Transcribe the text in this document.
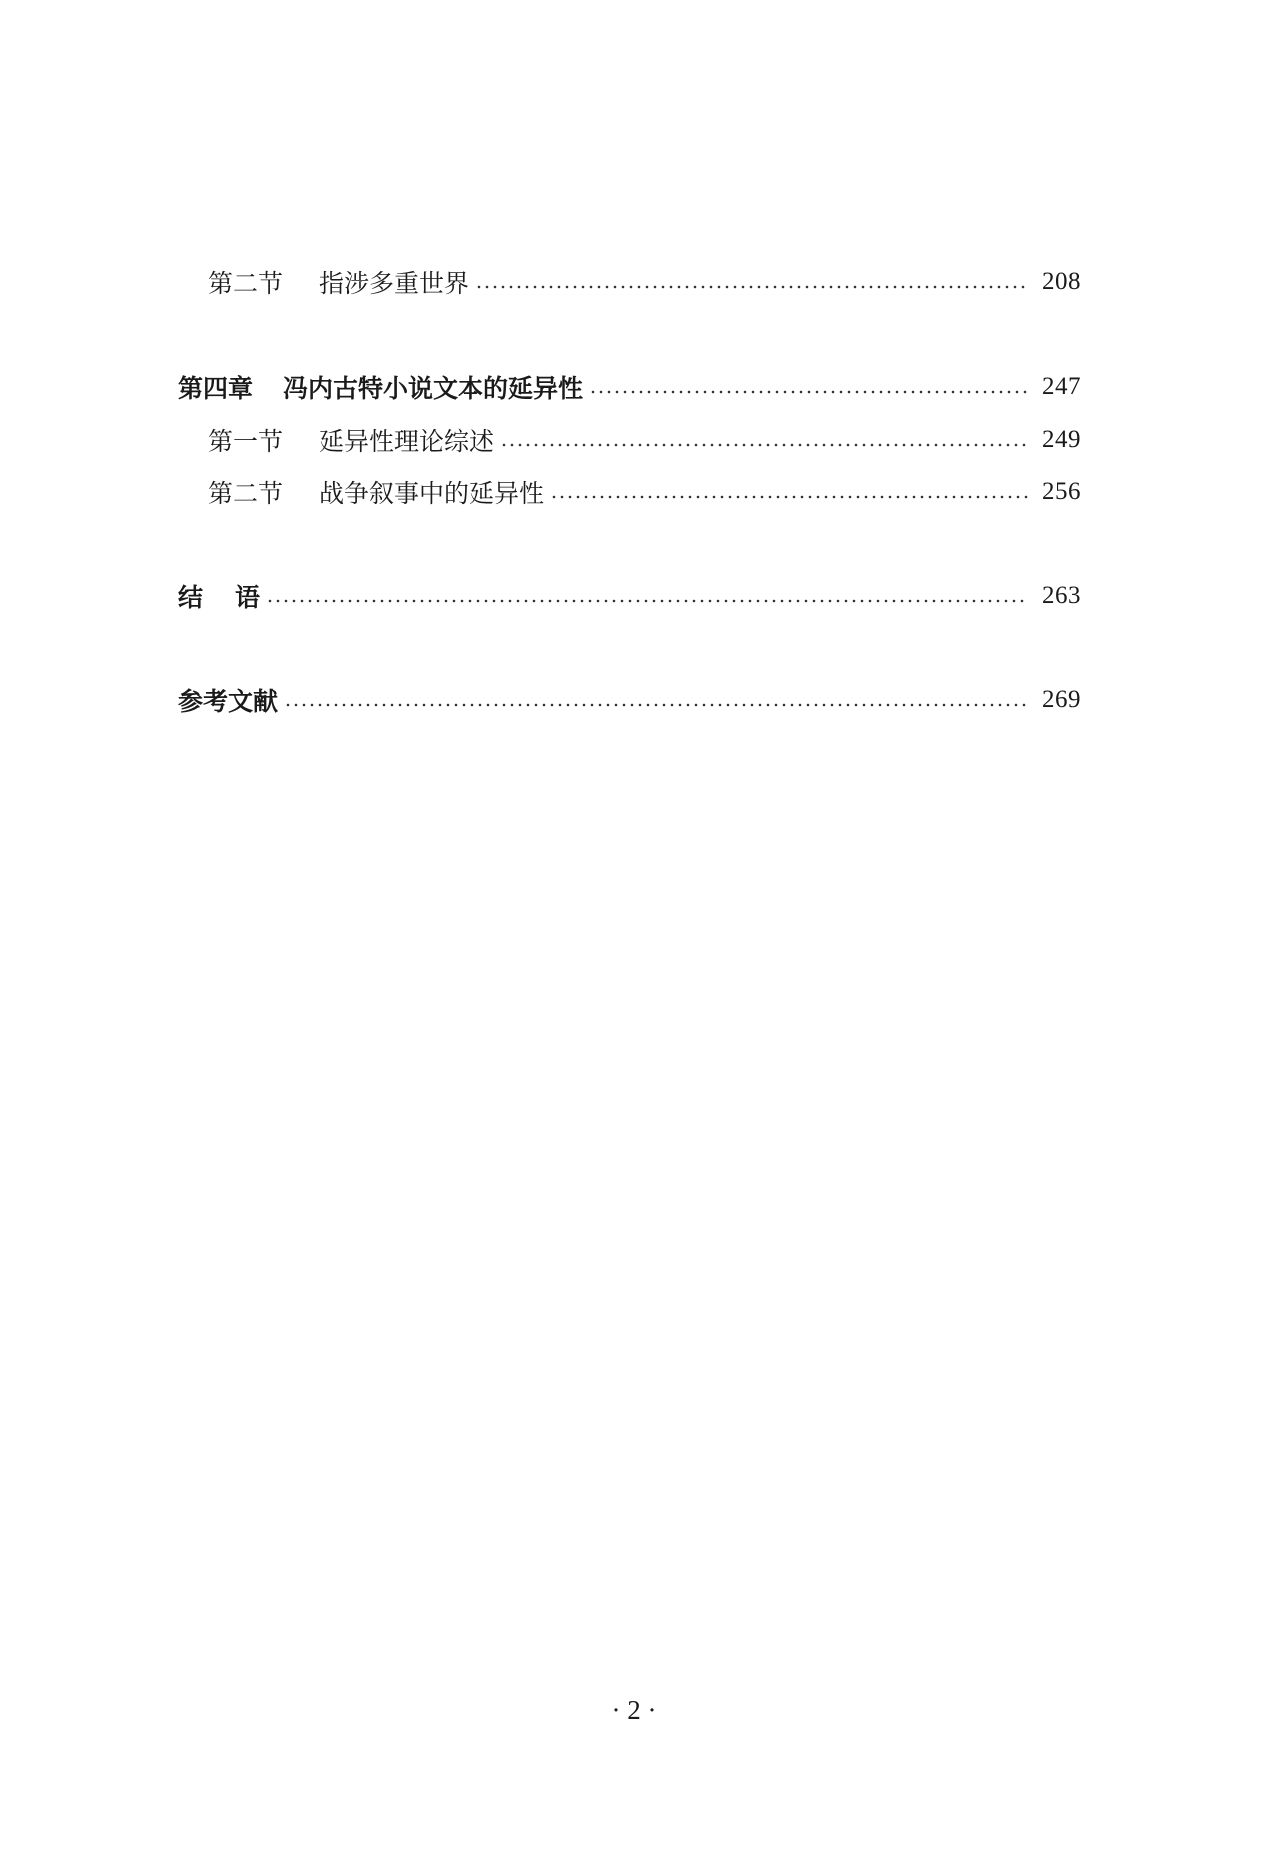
第二节 指涉多重世界	208
第四章 冯内古特小说文本的延异性	247
第一节 延异性理论综述	249
第二节 战争叙事中的延异性	256
结 语	263
参考文献	269
· 2 ·
